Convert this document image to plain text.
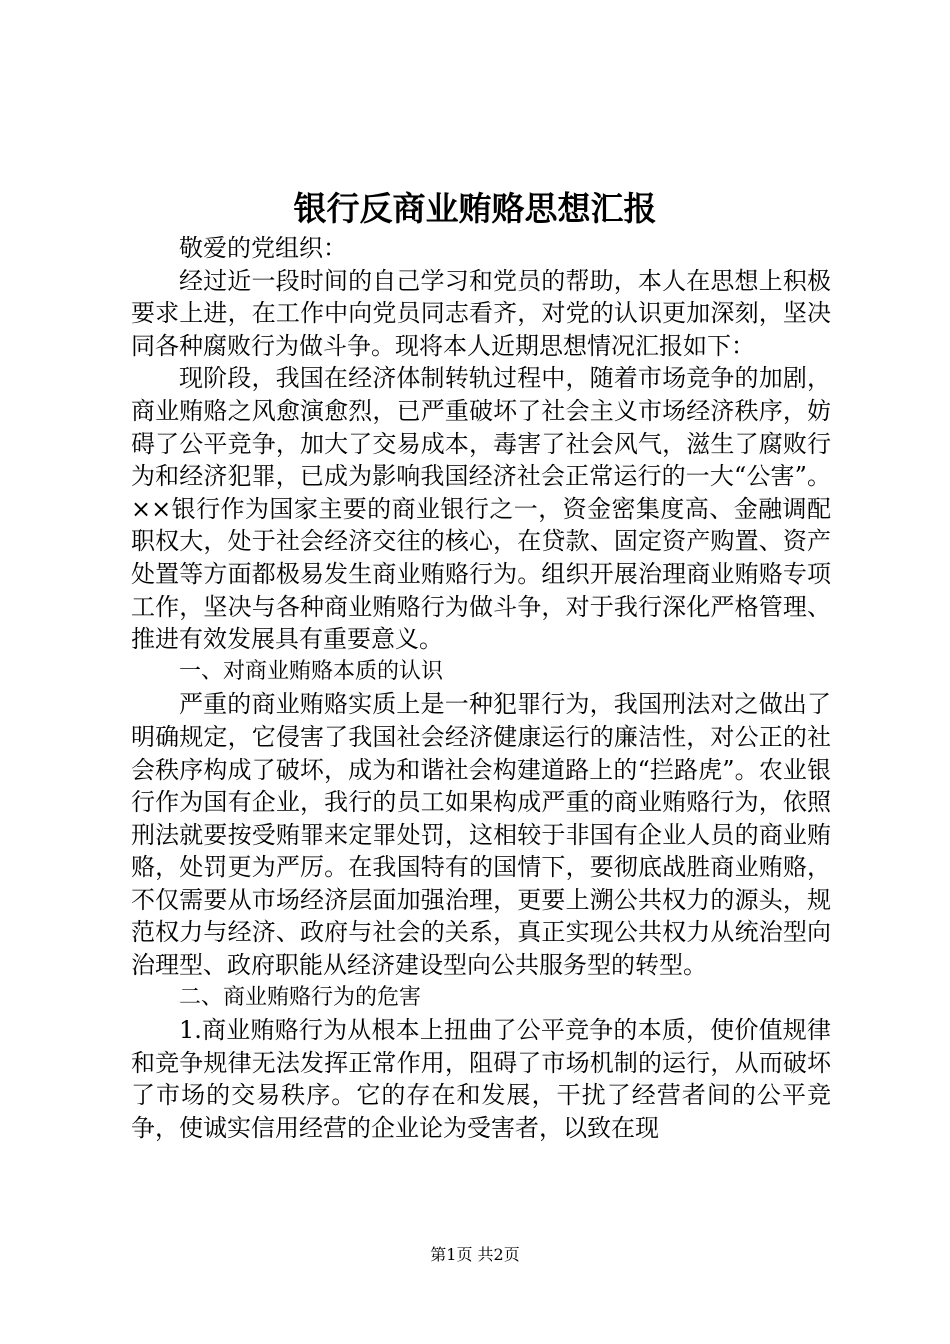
银行反商业贿赂思想汇报

敬爱的党组织：

经过近一段时间的自己学习和党员的帮助，本人在思想上积极要求上进，在工作中向党员同志看齐，对党的认识更加深刻，坚决同各种腐败行为做斗争。现将本人近期思想情况汇报如下：

现阶段，我国在经济体制转轨过程中，随着市场竞争的加剧，商业贿赂之风愈演愈烈，已严重破坏了社会主义市场经济秩序，妨碍了公平竞争，加大了交易成本，毒害了社会风气，滋生了腐败行为和经济犯罪，已成为影响我国经济社会正常运行的一大“公害”。××银行作为国家主要的商业银行之一，资金密集度高、金融调配职权大，处于社会经济交往的核心，在贷款、固定资产购置、资产处置等方面都极易发生商业贿赂行为。组织开展治理商业贿赂专项工作，坚决与各种商业贿赂行为做斗争，对于我行深化严格管理、推进有效发展具有重要意义。

一、对商业贿赂本质的认识

严重的商业贿赂实质上是一种犯罪行为，我国刑法对之做出了明确规定，它侵害了我国社会经济健康运行的廉洁性，对公正的社会秩序构成了破坏，成为和谐社会构建道路上的“拦路虎”。农业银行作为国有企业，我行的员工如果构成严重的商业贿赂行为，依照刑法就要按受贿罪来定罪处罚，这相较于非国有企业人员的商业贿赂，处罚更为严厉。在我国特有的国情下，要彻底战胜商业贿赂，不仅需要从市场经济层面加强治理，更要上溯公共权力的源头，规范权力与经济、政府与社会的关系，真正实现公共权力从统治型向治理型、政府职能从经济建设型向公共服务型的转型。

二、商业贿赂行为的危害

1.商业贿赂行为从根本上扭曲了公平竞争的本质，使价值规律和竞争规律无法发挥正常作用，阻碍了市场机制的运行，从而破坏了市场的交易秩序。它的存在和发展，干扰了经营者间的公平竞争，使诚实信用经营的企业论为受害者，以致在现

第1页 共2页
